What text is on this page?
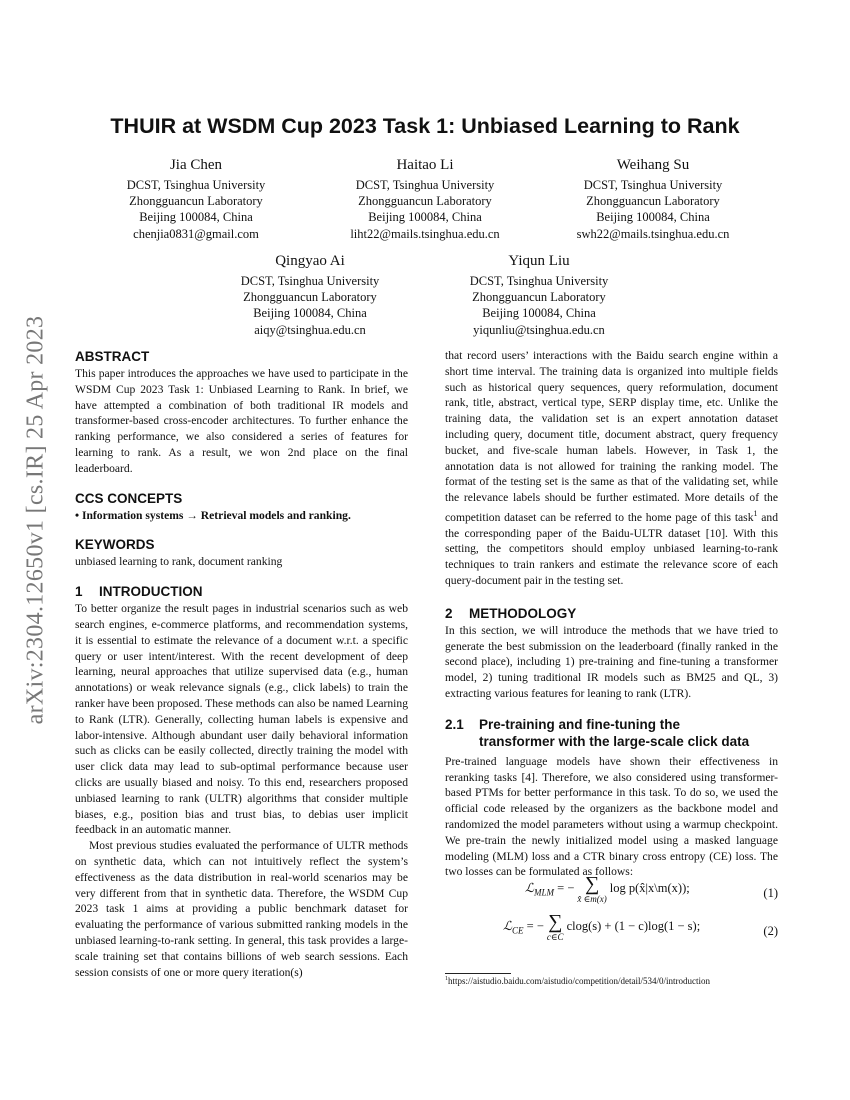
arXiv:2304.12650v1 [cs.IR] 25 Apr 2023
THUIR at WSDM Cup 2023 Task 1: Unbiased Learning to Rank
Jia Chen
DCST, Tsinghua University
Zhongguancun Laboratory
Beijing 100084, China
chenjia0831@gmail.com
Haitao Li
DCST, Tsinghua University
Zhongguancun Laboratory
Beijing 100084, China
liht22@mails.tsinghua.edu.cn
Weihang Su
DCST, Tsinghua University
Zhongguancun Laboratory
Beijing 100084, China
swh22@mails.tsinghua.edu.cn
Qingyao Ai
DCST, Tsinghua University
Zhongguancun Laboratory
Beijing 100084, China
aiqy@tsinghua.edu.cn
Yiqun Liu
DCST, Tsinghua University
Zhongguancun Laboratory
Beijing 100084, China
yiqunliu@tsinghua.edu.cn
ABSTRACT

This paper introduces the approaches we have used to participate in the WSDM Cup 2023 Task 1: Unbiased Learning to Rank. In brief, we have attempted a combination of both traditional IR models and transformer-based cross-encoder architectures. To further enhance the ranking performance, we also considered a series of features for learning to rank. As a result, we won 2nd place on the final leaderboard.

CCS CONCEPTS

• Information systems → Retrieval models and ranking.

KEYWORDS

unbiased learning to rank, document ranking

1 INTRODUCTION

To better organize the result pages in industrial scenarios such as web search engines, e-commerce platforms, and recommendation systems, it is essential to estimate the relevance of a document w.r.t. a specific query or user intent/interest. With the recent development of deep learning, neural approaches that utilize supervised data (e.g., human annotations) or weak relevance signals (e.g., click labels) to train the ranker have been proposed. These methods can also be named Learning to Rank (LTR). Generally, collecting human labels is expensive and labor-intensive. Although abundant user daily behavioral information such as clicks can be easily collected, directly training the model with user click data may lead to sub-optimal performance because user clicks are usually biased and noisy. To this end, researchers proposed unbiased learning to rank (ULTR) algorithms that consider multiple biases, e.g., position bias and trust bias, to debias user implicit feedback in an automatic manner.

Most previous studies evaluated the performance of ULTR methods on synthetic data, which can not intuitively reflect the system’s effectiveness as the data distribution in real-world scenarios may be very different from that in synthetic data. Therefore, the WSDM Cup 2023 task 1 aims at providing a public benchmark dataset for evaluating the performance of various submitted ranking models in the unbiased learning-to-rank setting. In general, this task provides a large-scale training set that contains billions of web search sessions. Each session consists of one or more query iteration(s)

that record users’ interactions with the Baidu search engine within a short time interval. The training data is organized into multiple fields such as historical query sequences, query reformulation, document rank, title, abstract, vertical type, SERP display time, etc. Unlike the training data, the validation set is an expert annotation dataset including query, document title, document abstract, query frequency bucket, and five-scale human labels. However, in Task 1, the annotation data is not allowed for training the ranking model. The format of the testing set is the same as that of the validating set, while the relevance labels should be further estimated. More details of the competition dataset can be referred to the home page of this task$^1$ and the corresponding paper of the Baidu-ULTR dataset [10]. With this setting, the competitors should employ unbiased learning-to-rank techniques to train rankers and estimate the relevance score of each query-document pair in the testing set.

2 METHODOLOGY

In this section, we will introduce the methods that we have tried to generate the best submission on the leaderboard (finally ranked in the second place), including 1) pre-training and fine-tuning a transformer model, 2) tuning traditional IR models such as BM25 and QL, 3) extracting various features for leaning to rank (LTR).

2.1 Pre-training and fine-tuning the
transformer with the large-scale click data

Pre-trained language models have shown their effectiveness in reranking tasks [4]. Therefore, we also considered using transformer-based PTMs for better performance in this task. To do so, we used the official code released by the organizers as the backbone model and randomized the model parameters without using a warmup checkpoint. We pre-train the newly initialized model using a masked language modeling (MLM) loss and a CTR binary cross entropy (CE) loss. The two losses can be formulated as follows:

ℒ$_{MLM}$ = − ∑
x̂ ∈m(x)
log p(x̂|x\m(x));	(1)
ℒ$_{CE}$ = − ∑
c∈C
clog(s) + (1 − c)log(1 − s);	(2)
$^1$https://aistudio.baidu.com/aistudio/competition/detail/534/0/introduction
